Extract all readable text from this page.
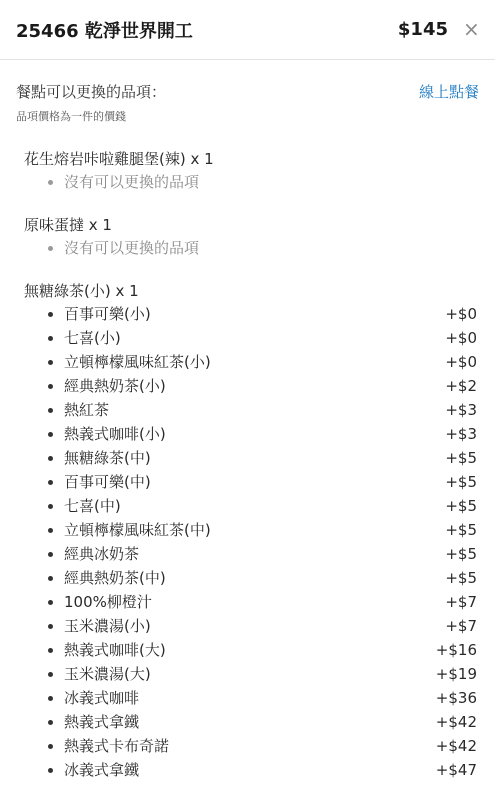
25466 乾淨世界開工	$145 ×
餐點可以更換的品項：	線上點餐
品項價格為一件的價錢
花生熔岩咔啦雞腿堡(辣) x 1
沒有可以更換的品項
原味蛋撻 x 1
沒有可以更換的品項
無糖綠茶(小) x 1
百事可樂(小)	+$0
七喜(小)	+$0
立頓檸檬風味紅茶(小)	+$0
經典熱奶茶(小)	+$2
熱紅茶	+$3
熱義式咖啡(小)	+$3
無糖綠茶(中)	+$5
百事可樂(中)	+$5
七喜(中)	+$5
立頓檸檬風味紅茶(中)	+$5
經典冰奶茶	+$5
經典熱奶茶(中)	+$5
100%柳橙汁	+$7
玉米濃湯(小)	+$7
熱義式咖啡(大)	+$16
玉米濃湯(大)	+$19
冰義式咖啡	+$36
熱義式拿鐵	+$42
熱義式卡布奇諾	+$42
冰義式拿鐵	+$47
